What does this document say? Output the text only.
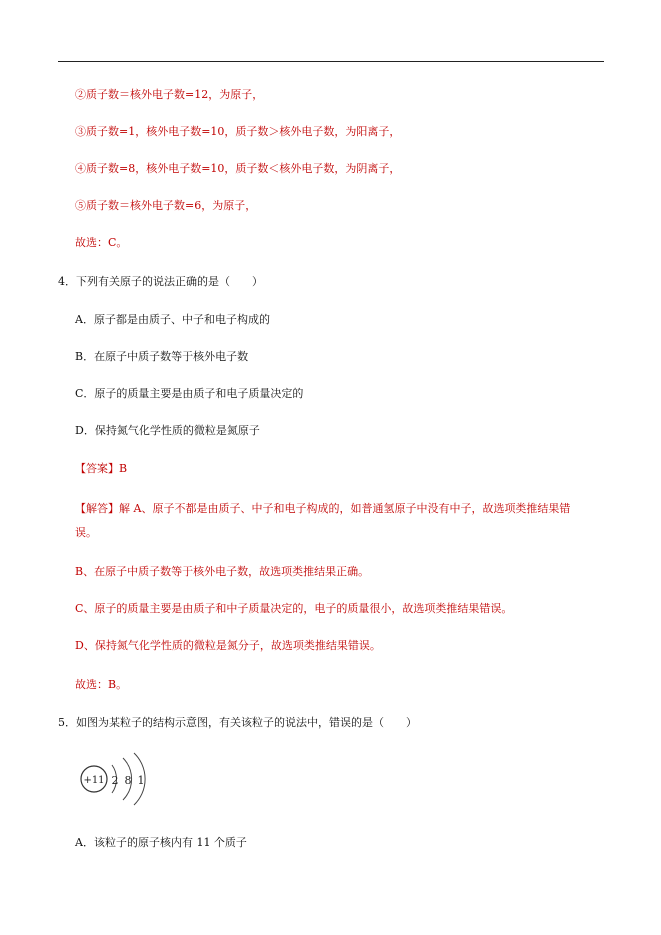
②质子数＝核外电子数=12，为原子，
③质子数=1，核外电子数=10，质子数＞核外电子数，为阳离子，
④质子数=8，核外电子数=10，质子数＜核外电子数，为阴离子，
⑤质子数＝核外电子数=6，为原子，
故选：C。
4．下列有关原子的说法正确的是（　　）
A．原子都是由质子、中子和电子构成的
B．在原子中质子数等于核外电子数
C．原子的质量主要是由质子和电子质量决定的
D．保持氮气化学性质的微粒是氮原子
【答案】B
【解答】解 A、原子不都是由质子、中子和电子构成的，如普通氢原子中没有中子，故选项类推结果错
误。
B、在原子中质子数等于核外电子数，故选项类推结果正确。
C、原子的质量主要是由质子和中子质量决定的，电子的质量很小，故选项类推结果错误。
D、保持氮气化学性质的微粒是氮分子，故选项类推结果错误。
故选：B。
5．如图为某粒子的结构示意图，有关该粒子的说法中，错误的是（　　）
+11 2 8 1
A．该粒子的原子核内有 11 个质子
